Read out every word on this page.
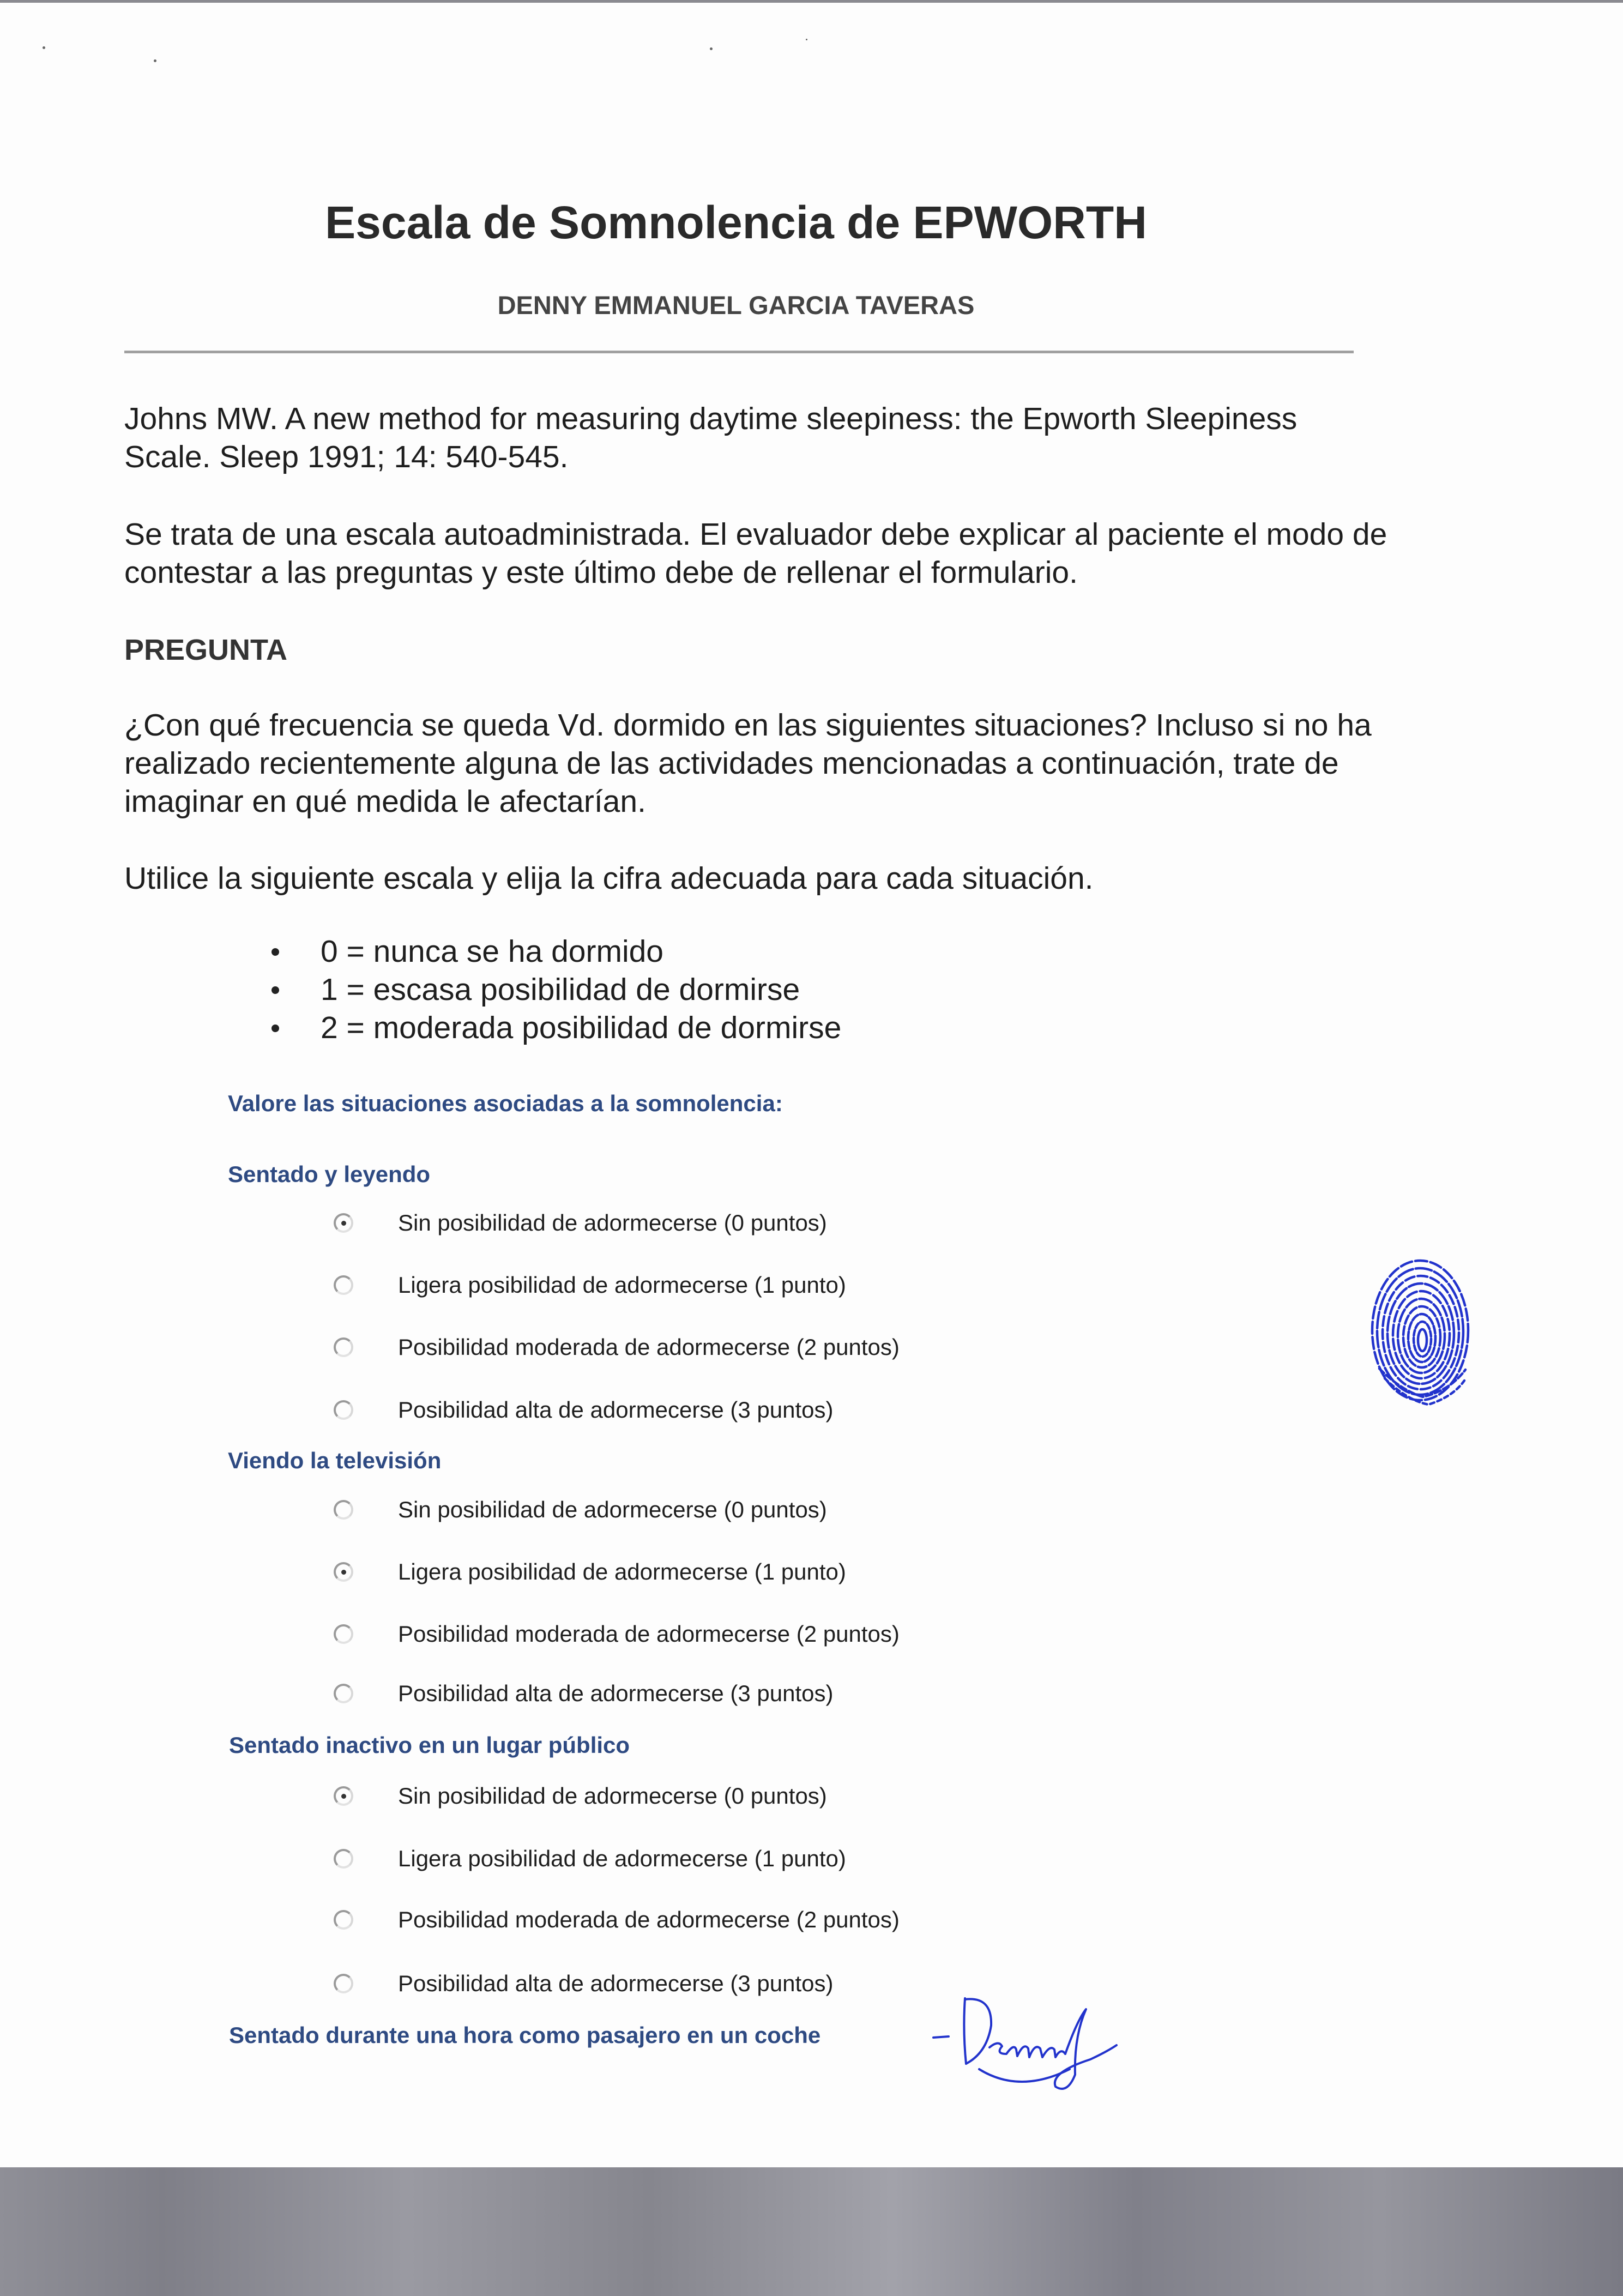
Escala de Somnolencia de EPWORTH
DENNY EMMANUEL GARCIA TAVERAS

Johns MW. A new method for measuring daytime sleepiness: the Epworth Sleepiness Scale. Sleep 1991; 14: 540-545.

Se trata de una escala autoadministrada. El evaluador debe explicar al paciente el modo de contestar a las preguntas y este último debe de rellenar el formulario.

PREGUNTA

¿Con qué frecuencia se queda Vd. dormido en las siguientes situaciones? Incluso si no ha realizado recientemente alguna de las actividades mencionadas a continuación, trate de imaginar en qué medida le afectarían.

Utilice la siguiente escala y elija la cifra adecuada para cada situación.

0 = nunca se ha dormido
1 = escasa posibilidad de dormirse
2 = moderada posibilidad de dormirse
Valore las situaciones asociadas a la somnolencia:
Sentado y leyendo
Sin posibilidad de adormecerse (0 puntos)
Ligera posibilidad de adormecerse (1 punto)
Posibilidad moderada de adormecerse (2 puntos)
Posibilidad alta de adormecerse (3 puntos)
Viendo la televisión
Sin posibilidad de adormecerse (0 puntos)
Ligera posibilidad de adormecerse (1 punto)
Posibilidad moderada de adormecerse (2 puntos)
Posibilidad alta de adormecerse (3 puntos)
Sentado inactivo en un lugar público
Sin posibilidad de adormecerse (0 puntos)
Ligera posibilidad de adormecerse (1 punto)
Posibilidad moderada de adormecerse (2 puntos)
Posibilidad alta de adormecerse (3 puntos)
Sentado durante una hora como pasajero en un coche
